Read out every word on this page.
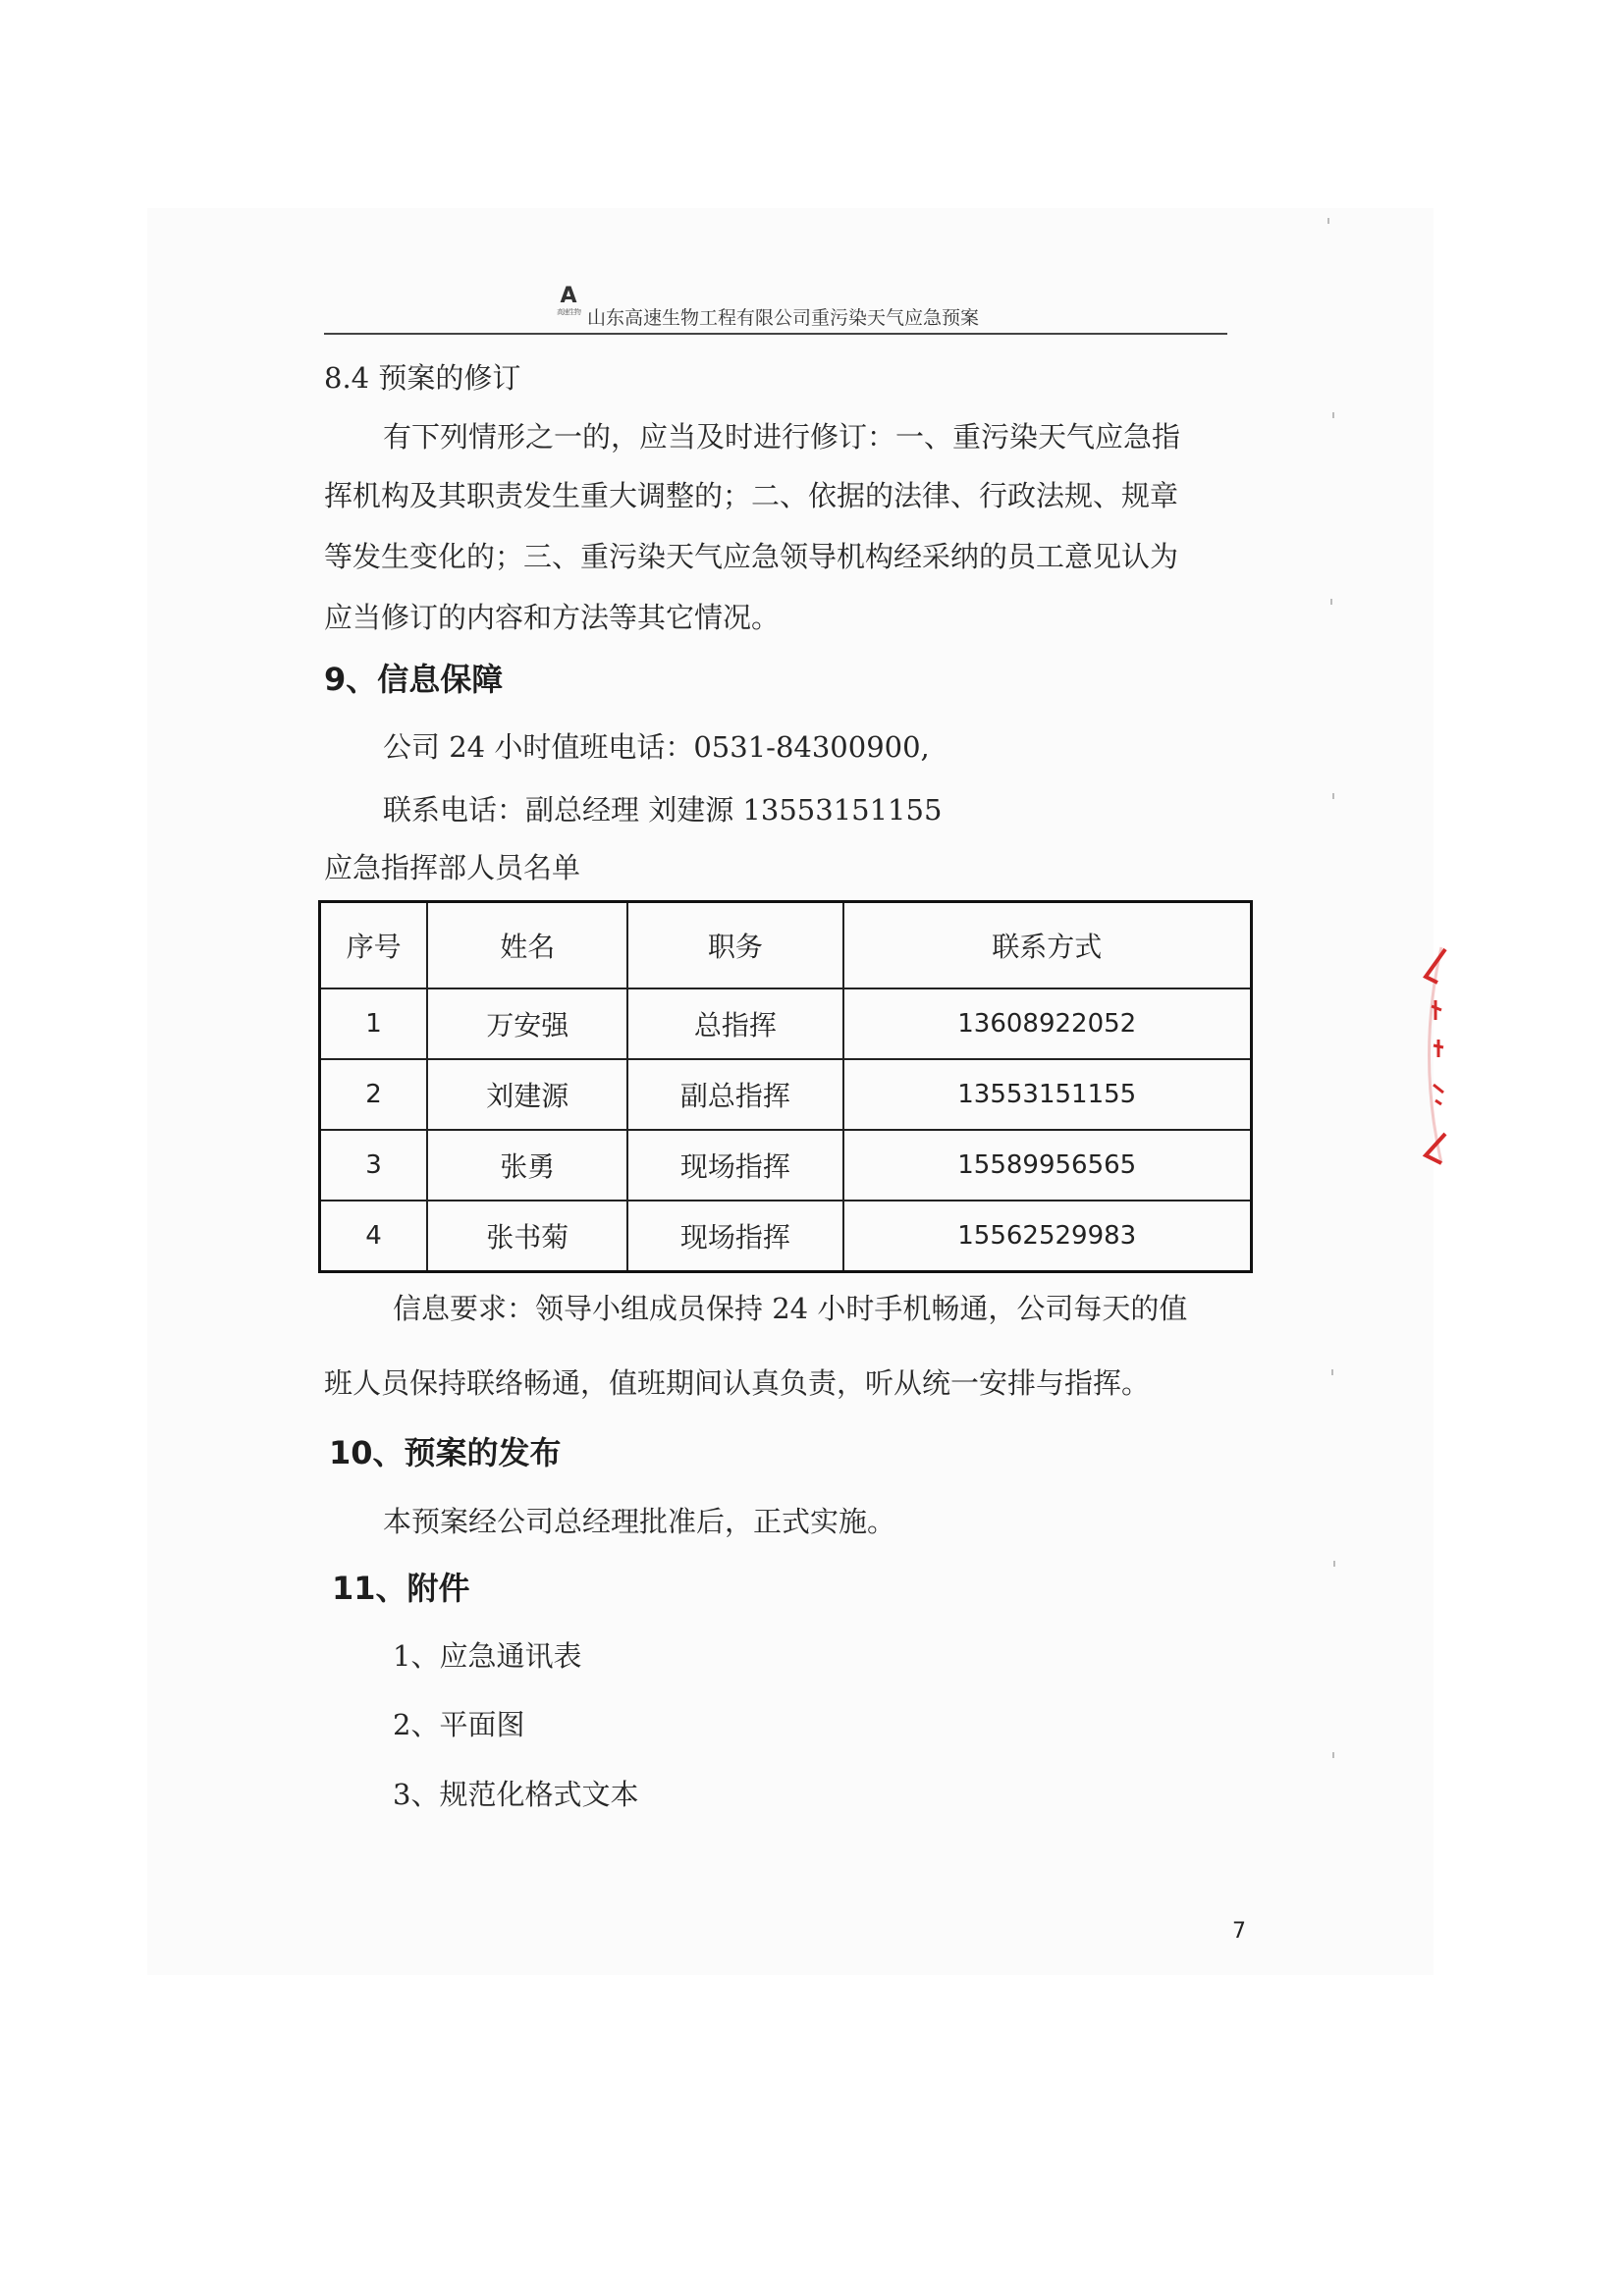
A
高速生物 山东高速生物工程有限公司重污染天气应急预案
8.4 预案的修订
有下列情形之一的，应当及时进行修订：一、重污染天气应急指
挥机构及其职责发生重大调整的；二、依据的法律、行政法规、规章
等发生变化的；三、重污染天气应急领导机构经采纳的员工意见认为
应当修订的内容和方法等其它情况。
9、信息保障
公司 24 小时值班电话：0531-84300900,
联系电话：副总经理 刘建源 13553151155
应急指挥部人员名单
序号	姓名	职务	联系方式
1	万安强	总指挥	13608922052
2	刘建源	副总指挥	13553151155
3	张勇	现场指挥	15589956565
4	张书菊	现场指挥	15562529983
信息要求：领导小组成员保持 24 小时手机畅通，公司每天的值
班人员保持联络畅通，值班期间认真负责，听从统一安排与指挥。
10、预案的发布
本预案经公司总经理批准后，正式实施。
11、附件
1、应急通讯表
2、平面图
3、规范化格式文本
7
